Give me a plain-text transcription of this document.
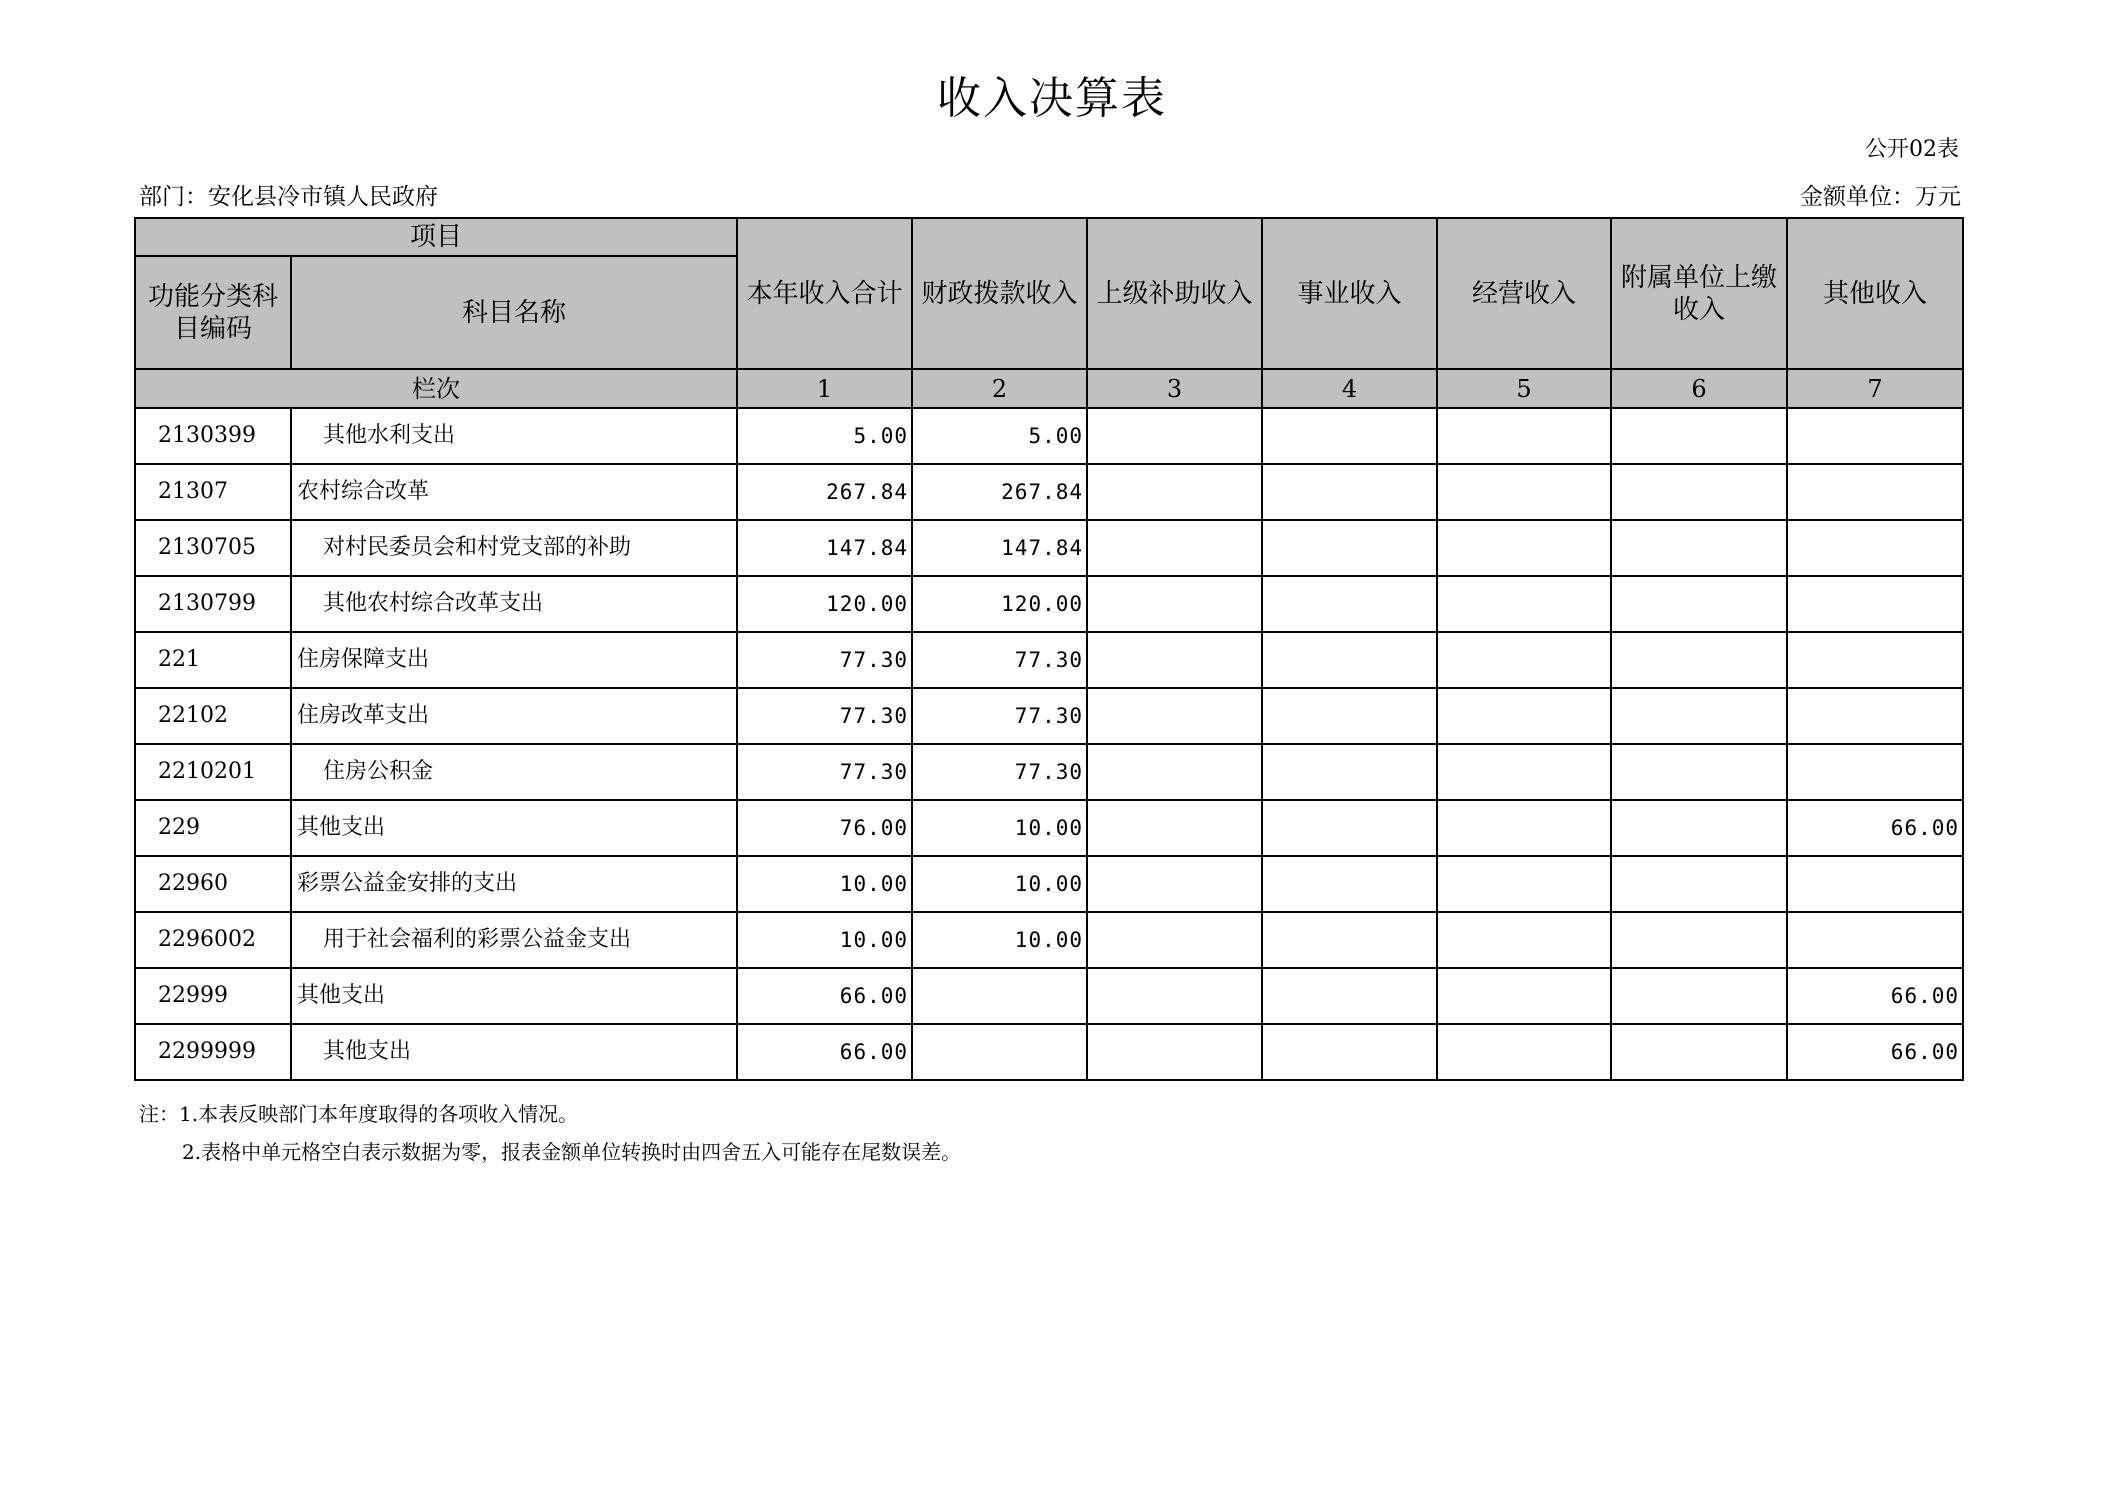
收入决算表
公开02表
部门：安化县冷市镇人民政府	金额单位：万元
项目		本年收入合计	财政拨款收入	上级补助收入	事业收入	经营收入	附属单位上缴收入	其他收入
功能分类科目编码	科目名称							
栏次		1	2	3	4	5	6	7
2130399	其他水利支出	5.00	5.00					
21307	农村综合改革	267.84	267.84					
2130705	对村民委员会和村党支部的补助	147.84	147.84					
2130799	其他农村综合改革支出	120.00	120.00					
221	住房保障支出	77.30	77.30					
22102	住房改革支出	77.30	77.30					
2210201	住房公积金	77.30	77.30					
229	其他支出	76.00	10.00					66.00
22960	彩票公益金安排的支出	10.00	10.00					
2296002	用于社会福利的彩票公益金支出	10.00	10.00					
22999	其他支出	66.00						66.00
2299999	其他支出	66.00						66.00
注：1.本表反映部门本年度取得的各项收入情况。
2.表格中单元格空白表示数据为零，报表金额单位转换时由四舍五入可能存在尾数误差。
